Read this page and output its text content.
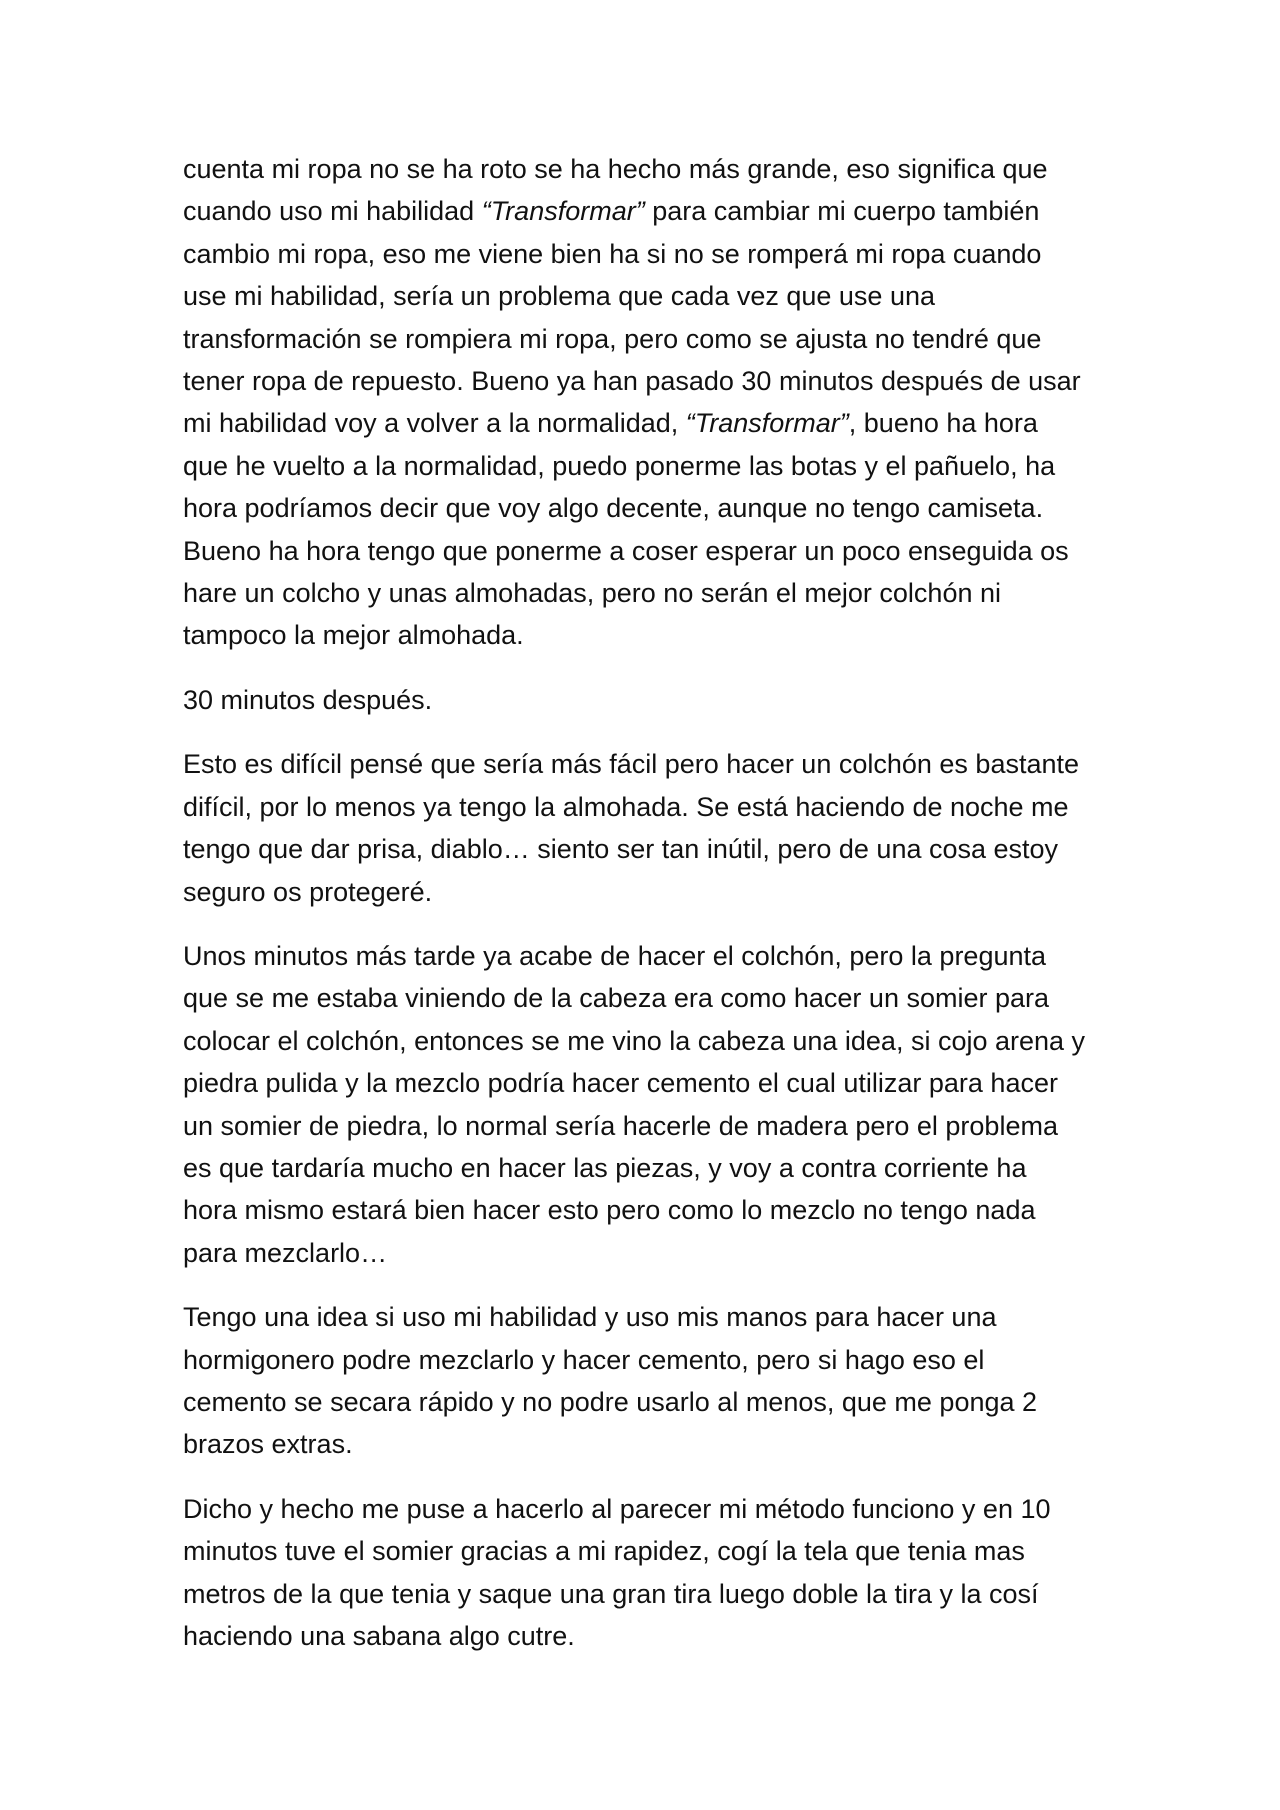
cuenta mi ropa no se ha roto se ha hecho más grande, eso significa que
cuando uso mi habilidad “Transformar” para cambiar mi cuerpo también
cambio mi ropa, eso me viene bien ha si no se romperá mi ropa cuando
use mi habilidad, sería un problema que cada vez que use una
transformación se rompiera mi ropa, pero como se ajusta no tendré que
tener ropa de repuesto. Bueno ya han pasado 30 minutos después de usar
mi habilidad voy a volver a la normalidad, “Transformar”, bueno ha hora
que he vuelto a la normalidad, puedo ponerme las botas y el pañuelo, ha
hora podríamos decir que voy algo decente, aunque no tengo camiseta.
Bueno ha hora tengo que ponerme a coser esperar un poco enseguida os
hare un colcho y unas almohadas, pero no serán el mejor colchón ni
tampoco la mejor almohada.

30 minutos después.

Esto es difícil pensé que sería más fácil pero hacer un colchón es bastante
difícil, por lo menos ya tengo la almohada. Se está haciendo de noche me
tengo que dar prisa, diablo… siento ser tan inútil, pero de una cosa estoy
seguro os protegeré.

Unos minutos más tarde ya acabe de hacer el colchón, pero la pregunta
que se me estaba viniendo de la cabeza era como hacer un somier para
colocar el colchón, entonces se me vino la cabeza una idea, si cojo arena y
piedra pulida y la mezclo podría hacer cemento el cual utilizar para hacer
un somier de piedra, lo normal sería hacerle de madera pero el problema
es que tardaría mucho en hacer las piezas, y voy a contra corriente ha
hora mismo estará bien hacer esto pero como lo mezclo no tengo nada
para mezclarlo…

Tengo una idea si uso mi habilidad y uso mis manos para hacer una
hormigonero podre mezclarlo y hacer cemento, pero si hago eso el
cemento se secara rápido y no podre usarlo al menos, que me ponga 2
brazos extras.

Dicho y hecho me puse a hacerlo al parecer mi método funciono y en 10
minutos tuve el somier gracias a mi rapidez, cogí la tela que tenia mas
metros de la que tenia y saque una gran tira luego doble la tira y la cosí
haciendo una sabana algo cutre.
